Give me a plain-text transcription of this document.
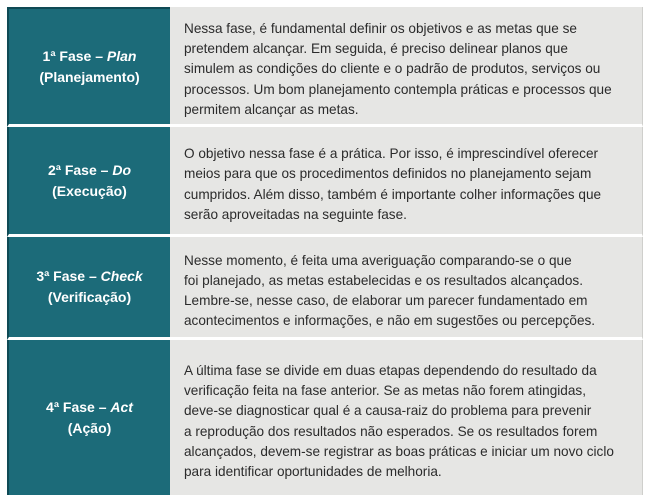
1ª Fase – Plan
(Planejamento)
Nessa fase, é fundamental definir os objetivos e as metas que se
pretendem alcançar. Em seguida, é preciso delinear planos que
simulem as condições do cliente e o padrão de produtos, serviços ou
processos. Um bom planejamento contempla práticas e processos que
permitem alcançar as metas.
2ª Fase – Do
(Execução)
O objetivo nessa fase é a prática. Por isso, é imprescindível oferecer
meios para que os procedimentos definidos no planejamento sejam
cumpridos. Além disso, também é importante colher informações que
serão aproveitadas na seguinte fase.
3ª Fase – Check
(Verificação)
Nesse momento, é feita uma averiguação comparando-se o que
foi planejado, as metas estabelecidas e os resultados alcançados.
Lembre-se, nesse caso, de elaborar um parecer fundamentado em
acontecimentos e informações, e não em sugestões ou percepções.
4ª Fase – Act
(Ação)
A última fase se divide em duas etapas dependendo do resultado da
verificação feita na fase anterior. Se as metas não forem atingidas,
deve-se diagnosticar qual é a causa-raiz do problema para prevenir
a reprodução dos resultados não esperados. Se os resultados forem
alcançados, devem-se registrar as boas práticas e iniciar um novo ciclo
para identificar oportunidades de melhoria.
